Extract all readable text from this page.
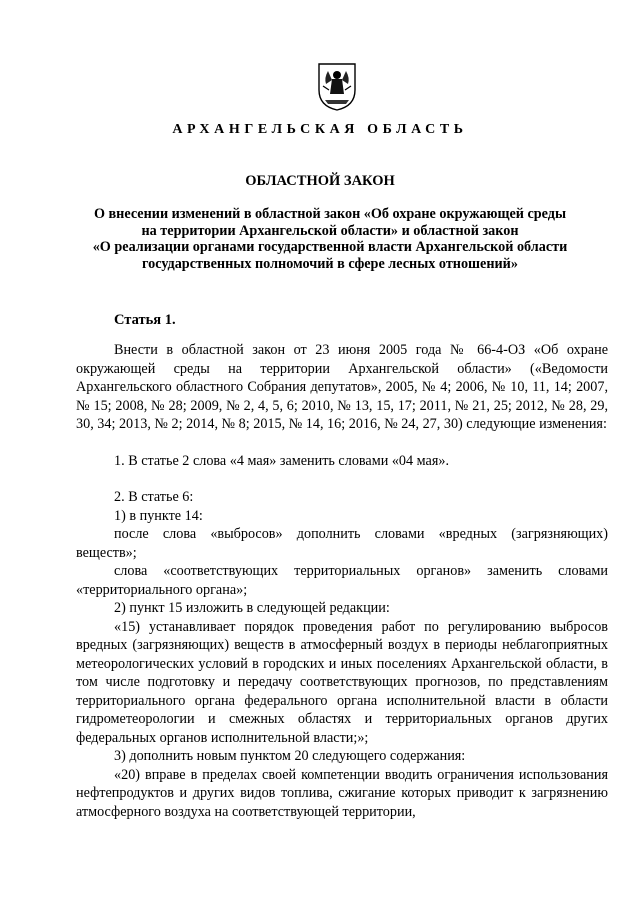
АРХАНГЕЛЬСКАЯ ОБЛАСТЬ
ОБЛАСТНОЙ ЗАКОН
О внесении изменений в областной закон «Об охране окружающей среды
на территории Архангельской области» и областной закон
«О реализации органами государственной власти Архангельской области
государственных полномочий в сфере лесных отношений»
Статья 1.

Внести в областной закон от 23 июня 2005 года № 66-4-ОЗ «Об охране окружающей среды на территории Архангельской области» («Ведомости Архангельского областного Собрания депутатов», 2005, № 4; 2006, № 10, 11, 14; 2007, № 15; 2008, № 28; 2009, № 2, 4, 5, 6; 2010, № 13, 15, 17; 2011, № 21, 25; 2012, № 28, 29, 30, 34; 2013, № 2; 2014, № 8; 2015, № 14, 16; 2016, № 24, 27, 30) следующие изменения:

1. В статье 2 слова «4 мая» заменить словами «04 мая».

2. В статье 6:

1) в пункте 14:

после слова «выбросов» дополнить словами «вредных (загрязняющих) веществ»;

слова «соответствующих территориальных органов» заменить словами «территориального органа»;

2) пункт 15 изложить в следующей редакции:

«15) устанавливает порядок проведения работ по регулированию выбросов вредных (загрязняющих) веществ в атмосферный воздух в периоды неблагоприятных метеорологических условий в городских и иных поселениях Архангельской области, в том числе подготовку и передачу соответствующих прогнозов, по представлениям территориального органа федерального органа исполнительной власти в области гидрометеорологии и смежных областях и территориальных органов других федеральных органов исполнительной власти;»;

3) дополнить новым пунктом 20 следующего содержания:

«20) вправе в пределах своей компетенции вводить ограничения использования нефтепродуктов и других видов топлива, сжигание которых приводит к загрязнению атмосферного воздуха на соответствующей территории,
